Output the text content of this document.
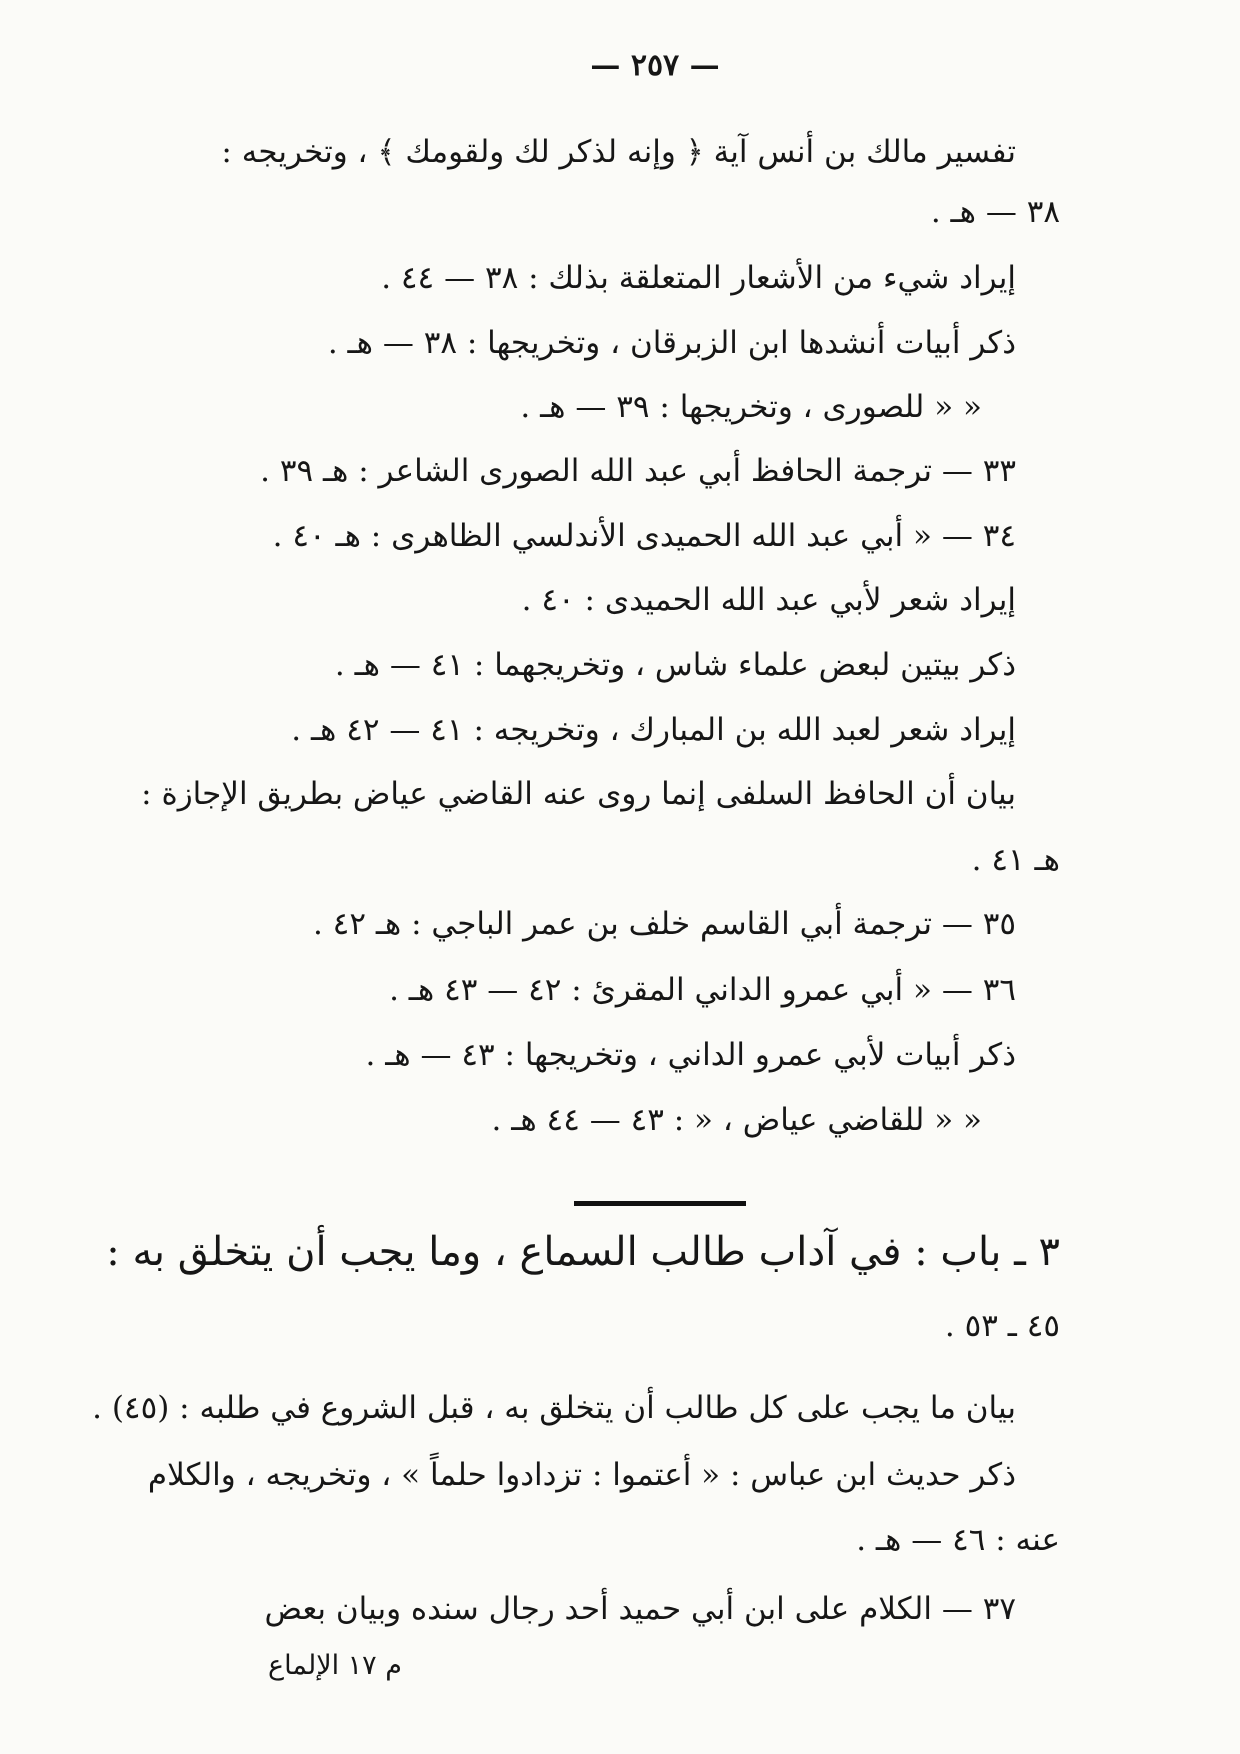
— ٢٥٧ —
تفسير مالك بن أنس آية ﴿ وإنه لذكر لك ولقومك ﴾ ، وتخريجه :
٣٨ — هـ .
إيراد شيء من الأشعار المتعلقة بذلك : ٣٨ — ٤٤ .
ذكر أبيات أنشدها ابن الزبرقان ، وتخريجها : ٣٨ — هـ .
« « للصورى ، وتخريجها : ٣٩ — هـ .
٣٣ — ترجمة الحافظ أبي عبد الله الصورى الشاعر : هـ ٣٩ .
٣٤ — « أبي عبد الله الحميدى الأندلسي الظاهرى : هـ ٤٠ .
إيراد شعر لأبي عبد الله الحميدى : ٤٠ .
ذكر بيتين لبعض علماء شاس ، وتخريجهما : ٤١ — هـ .
إيراد شعر لعبد الله بن المبارك ، وتخريجه : ٤١ — ٤٢ هـ .
بيان أن الحافظ السلفى إنما روى عنه القاضي عياض بطريق الإجازة :
هـ ٤١ .
٣٥ — ترجمة أبي القاسم خلف بن عمر الباجي : هـ ٤٢ .
٣٦ — « أبي عمرو الداني المقرئ : ٤٢ — ٤٣ هـ .
ذكر أبيات لأبي عمرو الداني ، وتخريجها : ٤٣ — هـ .
« « للقاضي عياض ، « : ٤٣ — ٤٤ هـ .
٣ ـ باب : في آداب طالب السماع ، وما يجب أن يتخلق به :
٤٥ ـ ٥٣ .
بيان ما يجب على كل طالب أن يتخلق به ، قبل الشروع في طلبه : (٤٥) .
ذكر حديث ابن عباس : « أعتموا : تزدادوا حلماً » ، وتخريجه ، والكلام
عنه : ٤٦ — هـ .
٣٧ — الكلام على ابن أبي حميد أحد رجال سنده وبيان بعض
م ١٧ الإلماع
